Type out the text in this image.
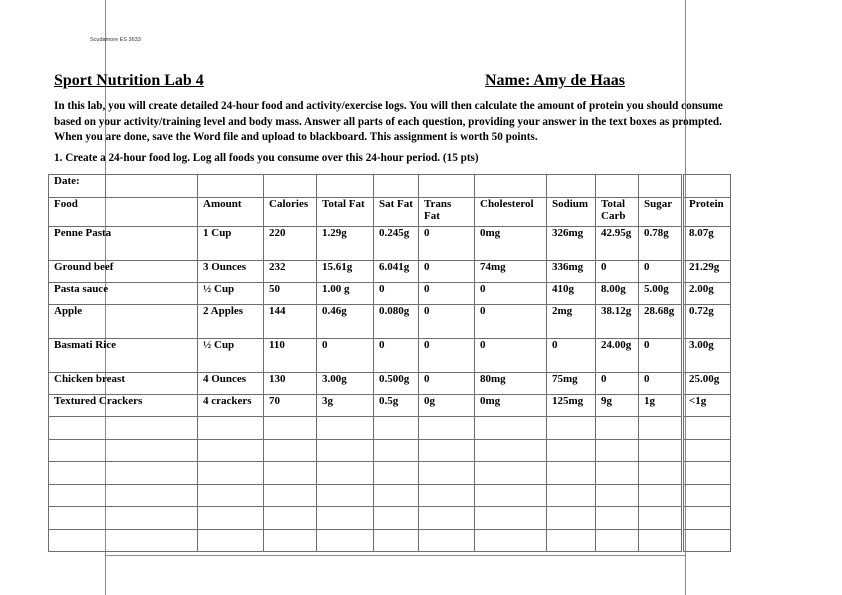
Scudamore ES 3633
Sport Nutrition Lab 4	Name: Amy de Haas
In this lab, you will create detailed 24-hour food and activity/exercise logs. You will then calculate the amount of protein you should consume based on your activity/training level and body mass. Answer all parts of each question, providing your answer in the text boxes as prompted. When you are done, save the Word file and upload to blackboard. This assignment is worth 50 points.
1. Create a 24-hour food log. Log all foods you consume over this 24-hour period. (15 pts)
Date:											
Food		Amount	Calories	Total Fat	Sat Fat	Trans Fat	Cholesterol	Sodium	Total Carb	Sugar	Protein
Penne Pasta		1 Cup	220	1.29g	0.245g	0	0mg	326mg	42.95g	0.78g	8.07g
Ground beef		3 Ounces	232	15.61g	6.041g	0	74mg	336mg	0	0	21.29g
Pasta sauce		½ Cup	50	1.00 g	0	0	0	410g	8.00g	5.00g	2.00g
Apple		2 Apples	144	0.46g	0.080g	0	0	2mg	38.12g	28.68g	0.72g
Basmati Rice		½ Cup	110	0	0	0	0	0	24.00g	0	3.00g
Chicken breast		4 Ounces	130	3.00g	0.500g	0	80mg	75mg	0	0	25.00g
Textured Crackers		4 crackers	70	3g	0.5g	0g	0mg	125mg	9g	1g	<1g
